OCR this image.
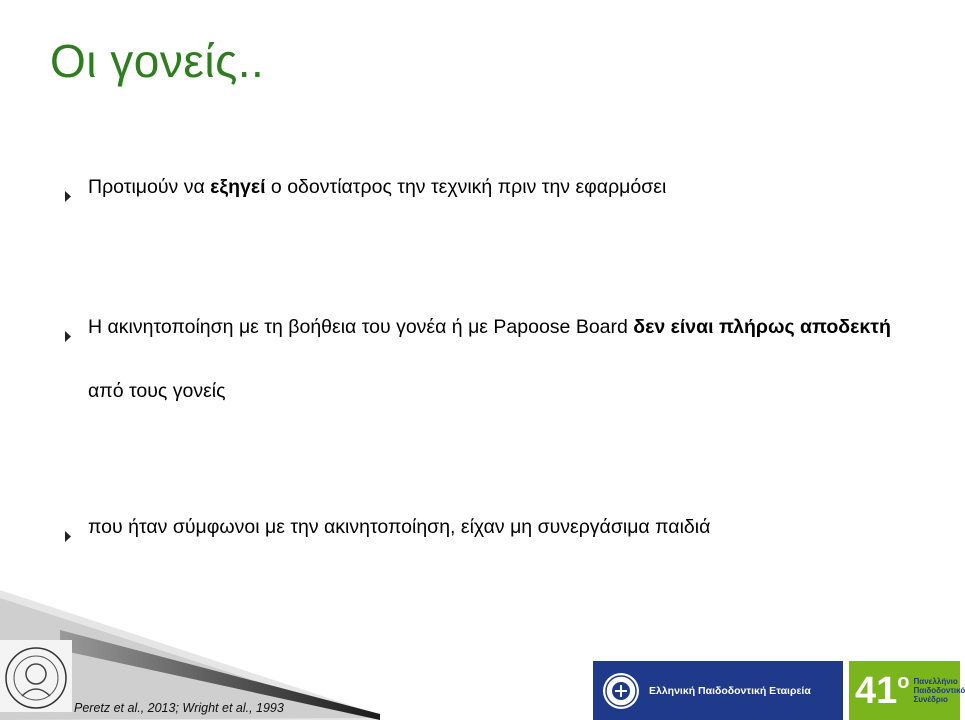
Οι γονείς..
Προτιμούν να εξηγεί ο οδοντίατρος την τεχνική πριν την εφαρμόσει
Η ακινητοποίηση με τη βοήθεια του γονέα ή με Papoose Board δεν είναι πλήρως αποδεκτή από τους γονείς
που ήταν σύμφωνοι με την ακινητοποίηση, είχαν μη συνεργάσιμα παιδιά
Peretz et al., 2013; Wright et al., 1993
Ελληνική Παιδοδοντική Εταιρεία $41^o$ Πανελλήνιο
Παιδοδοντικό
Συνέδριο
